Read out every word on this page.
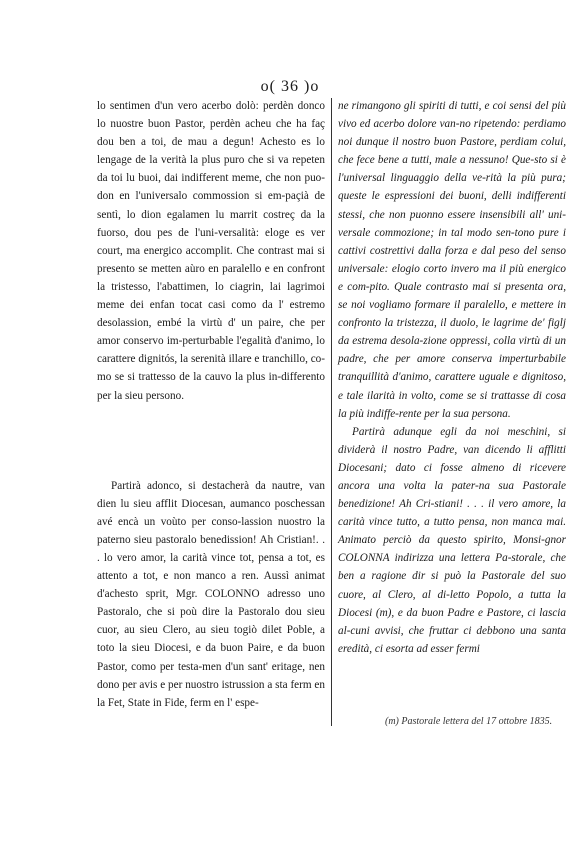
o( 36 )o

lo sentimen d'un vero acerbo dolò: perdèn donco lo nuostre buon Pastor, perdèn acheu che ha faç dou ben a toi, de mau a degun! Achesto es lo lengage de la verità la plus puro che si va repeten da toi lu buoi, dai indifferent meme, che non puo-don en l'universalo commossion si em-paçià de sentì, lo dion egalamen lu marrit costreç da la fuorso, dou pes de l'uni-versalità: eloge es ver court, ma energico accomplit. Che contrast mai si presento se metten aùro en paralello e en confront la tristesso, l'abattimen, lo ciagrin, lai lagrimoi meme dei enfan tocat casi como da l' estremo desolassion, embé la virtù d' un paire, che per amor conservo im-perturbable l'egalità d'animo, lo carattere dignitós, la serenità illare e tranchillo, co-mo se si trattesso de la cauvo la plus in-differento per la sieu persono.

Partirà adonco, si destacherà da nautre, van dien lu sieu afflit Diocesan, aumanco poschessan avé encà un voùto per conso-lassion nuostro la paterno sieu pastoralo benedission! Ah Cristian!. . . lo vero amor, la carità vince tot, pensa a tot, es attento a tot, e non manco a ren. Aussì animat d'achesto sprit, Mgr. COLONNO adresso uno Pastoralo, che si poù dire la Pastoralo dou sieu cuor, au sieu Clero, au sieu togiò dilet Poble, a toto la sieu Diocesi, e da buon Paire, e da buon Pastor, como per testa-men d'un sant' eritage, nen dono per avis e per nuostro istrussion a sta ferm en la Fet, State in Fide, ferm en l' espe-

ne rimangono gli spiriti di tutti, e coi sensi del più vivo ed acerbo dolore van-no ripetendo: perdiamo noi dunque il nostro buon Pastore, perdiam colui, che fece bene a tutti, male a nessuno! Que-sto si è l'universal linguaggio della ve-rità la più pura; queste le espressioni dei buoni, delli indifferenti stessi, che non puonno essere insensibili all' uni-versale commozione; in tal modo sen-tono pure i cattivi costrettivi dalla forza e dal peso del senso universale: elogio corto invero ma il più energico e com-pito. Quale contrasto mai si presenta ora, se noi vogliamo formare il paralello, e mettere in confronto la tristezza, il duolo, le lagrime de' figlj da estrema desola-zione oppressi, colla virtù di un padre, che per amore conserva imperturbabile tranquillità d'animo, carattere uguale e dignitoso, e tale ilarità in volto, come se si trattasse di cosa la più indiffe-rente per la sua persona.

Partirà adunque egli da noi meschini, si dividerà il nostro Padre, van dicendo li afflitti Diocesani; dato ci fosse almeno di ricevere ancora una volta la pater-na sua Pastorale benedizione! Ah Cri-stiani! . . . il vero amore, la carità vince tutto, a tutto pensa, non manca mai. Animato perciò da questo spirito, Monsi-gnor COLONNA indirizza una lettera Pa-storale, che ben a ragione dir si può la Pastorale del suo cuore, al Clero, al di-letto Popolo, a tutta la Diocesi (m), e da buon Padre e Pastore, ci lascia al-cuni avvisi, che fruttar ci debbono una santa eredità, ci esorta ad esser fermi

(m) Pastorale lettera del 17 ottobre 1835.
